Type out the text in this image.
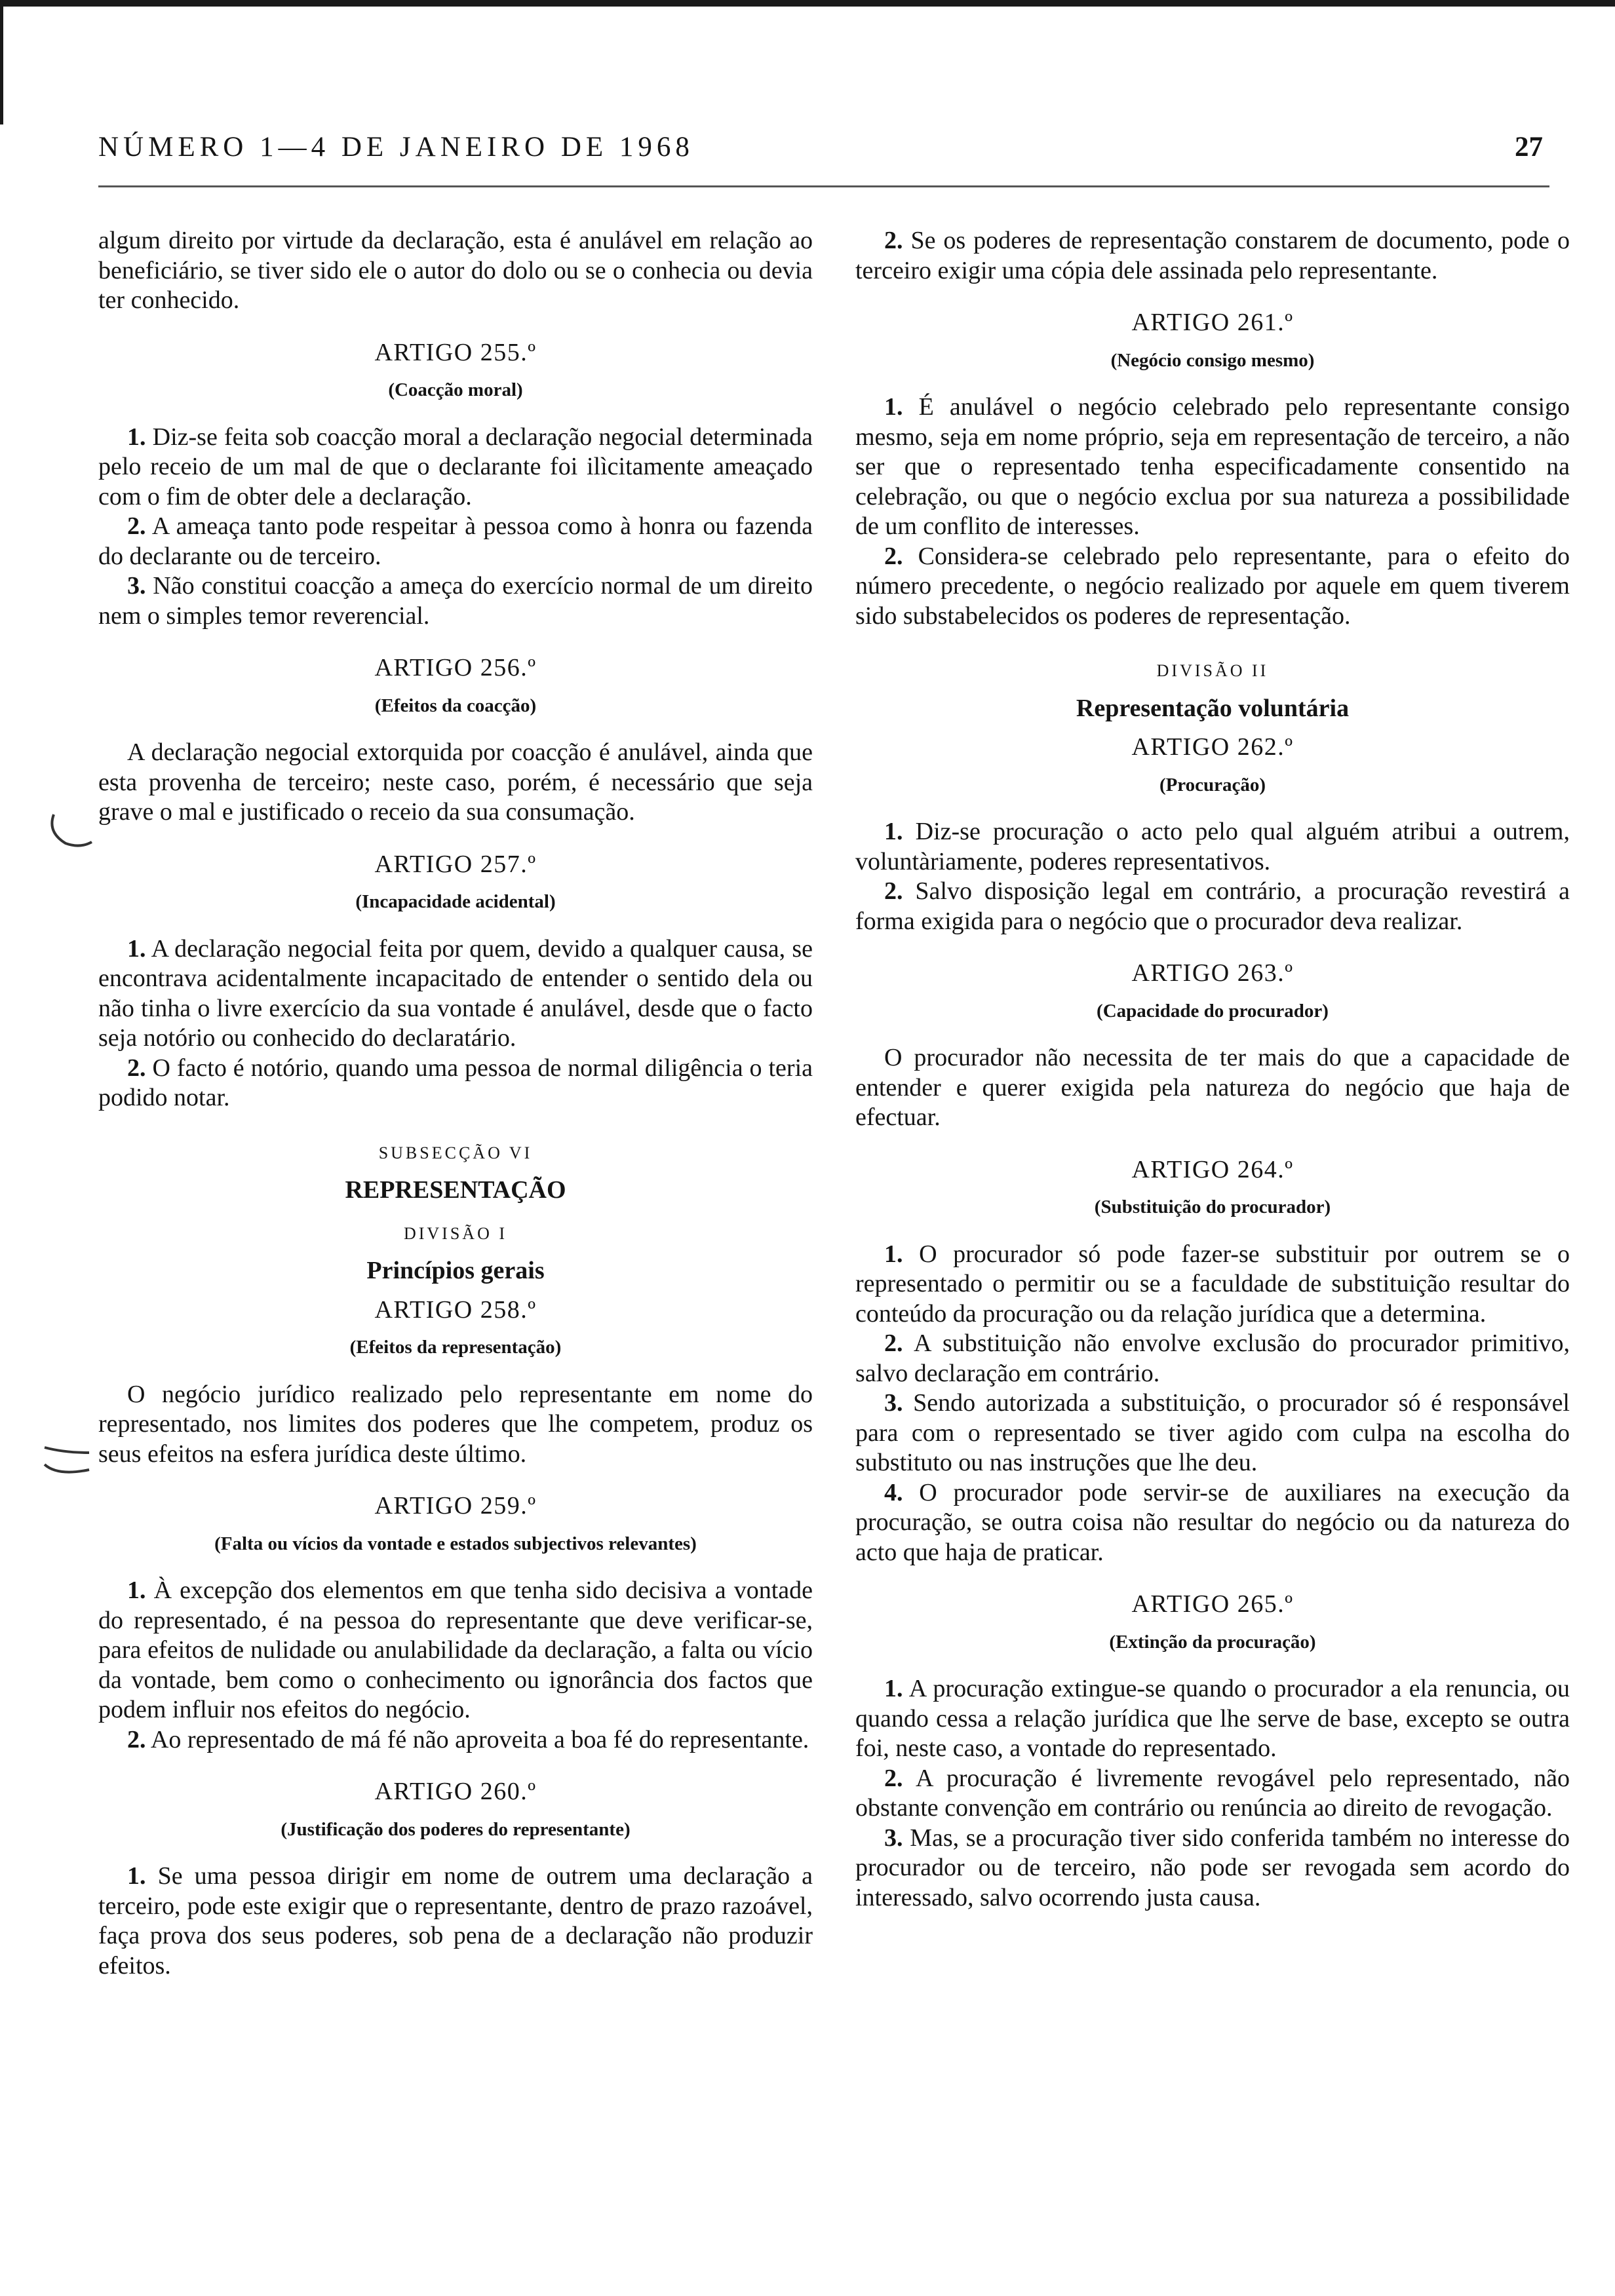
NÚMERO 1—4 DE JANEIRO DE 1968	27

algum direito por virtude da declaração, esta é anulável em relação ao beneficiário, se tiver sido ele o autor do dolo ou se o conhecia ou devia ter conhecido.

ARTIGO 255.º

(Coacção moral)

1. Diz-se feita sob coacção moral a declaração negocial determinada pelo receio de um mal de que o declarante foi ilìcitamente ameaçado com o fim de obter dele a declaração.

2. A ameaça tanto pode respeitar à pessoa como à honra ou fazenda do declarante ou de terceiro.

3. Não constitui coacção a ameça do exercício normal de um direito nem o simples temor reverencial.

ARTIGO 256.º

(Efeitos da coacção)

A declaração negocial extorquida por coacção é anulável, ainda que esta provenha de terceiro; neste caso, porém, é necessário que seja grave o mal e justificado o receio da sua consumação.

ARTIGO 257.º

(Incapacidade acidental)

1. A declaração negocial feita por quem, devido a qualquer causa, se encontrava acidentalmente incapacitado de entender o sentido dela ou não tinha o livre exercício da sua vontade é anulável, desde que o facto seja notório ou conhecido do declaratário.

2. O facto é notório, quando uma pessoa de normal diligência o teria podido notar.

SUBSECÇÃO VI

REPRESENTAÇÃO

DIVISÃO I

Princípios gerais

ARTIGO 258.º

(Efeitos da representação)

O negócio jurídico realizado pelo representante em nome do representado, nos limites dos poderes que lhe competem, produz os seus efeitos na esfera jurídica deste último.

ARTIGO 259.º

(Falta ou vícios da vontade e estados subjectivos relevantes)

1. À excepção dos elementos em que tenha sido decisiva a vontade do representado, é na pessoa do representante que deve verificar-se, para efeitos de nulidade ou anulabilidade da declaração, a falta ou vício da vontade, bem como o conhecimento ou ignorância dos factos que podem influir nos efeitos do negócio.

2. Ao representado de má fé não aproveita a boa fé do representante.

ARTIGO 260.º

(Justificação dos poderes do representante)

1. Se uma pessoa dirigir em nome de outrem uma declaração a terceiro, pode este exigir que o representante, dentro de prazo razoável, faça prova dos seus poderes, sob pena de a declaração não produzir efeitos.

2. Se os poderes de representação constarem de documento, pode o terceiro exigir uma cópia dele assinada pelo representante.

ARTIGO 261.º

(Negócio consigo mesmo)

1. É anulável o negócio celebrado pelo representante consigo mesmo, seja em nome próprio, seja em representação de terceiro, a não ser que o representado tenha especificadamente consentido na celebração, ou que o negócio exclua por sua natureza a possibilidade de um conflito de interesses.

2. Considera-se celebrado pelo representante, para o efeito do número precedente, o negócio realizado por aquele em quem tiverem sido substabelecidos os poderes de representação.

DIVISÃO II

Representação voluntária

ARTIGO 262.º

(Procuração)

1. Diz-se procuração o acto pelo qual alguém atribui a outrem, voluntàriamente, poderes representativos.

2. Salvo disposição legal em contrário, a procuração revestirá a forma exigida para o negócio que o procurador deva realizar.

ARTIGO 263.º

(Capacidade do procurador)

O procurador não necessita de ter mais do que a capacidade de entender e querer exigida pela natureza do negócio que haja de efectuar.

ARTIGO 264.º

(Substituição do procurador)

1. O procurador só pode fazer-se substituir por outrem se o representado o permitir ou se a faculdade de substituição resultar do conteúdo da procuração ou da relação jurídica que a determina.

2. A substituição não envolve exclusão do procurador primitivo, salvo declaração em contrário.

3. Sendo autorizada a substituição, o procurador só é responsável para com o representado se tiver agido com culpa na escolha do substituto ou nas instruções que lhe deu.

4. O procurador pode servir-se de auxiliares na execução da procuração, se outra coisa não resultar do negócio ou da natureza do acto que haja de praticar.

ARTIGO 265.º

(Extinção da procuração)

1. A procuração extingue-se quando o procurador a ela renuncia, ou quando cessa a relação jurídica que lhe serve de base, excepto se outra foi, neste caso, a vontade do representado.

2. A procuração é livremente revogável pelo representado, não obstante convenção em contrário ou renúncia ao direito de revogação.

3. Mas, se a procuração tiver sido conferida também no interesse do procurador ou de terceiro, não pode ser revogada sem acordo do interessado, salvo ocorrendo justa causa.
